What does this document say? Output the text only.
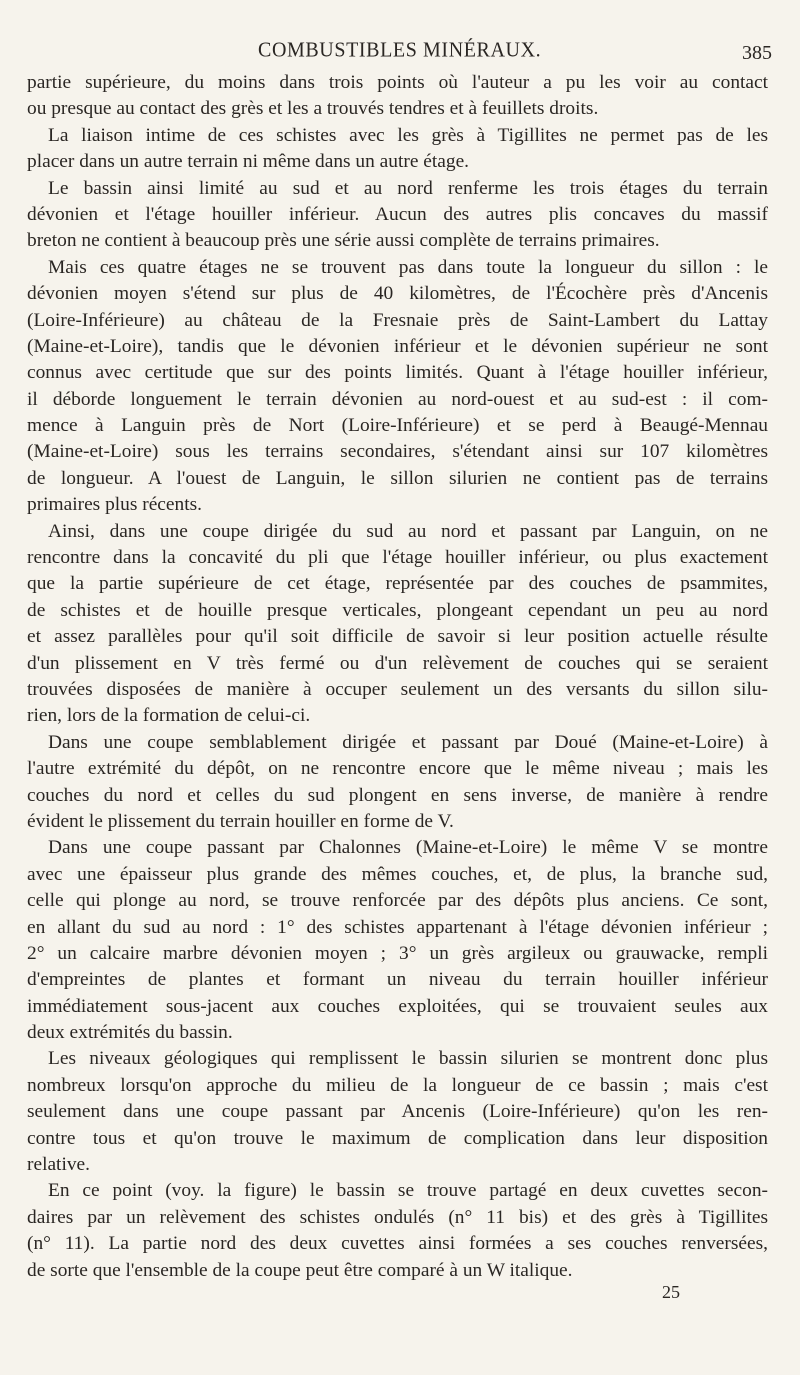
COMBUSTIBLES MINÉRAUX.	385
partie supérieure, du moins dans trois points où l'auteur a pu les voir au contact
ou presque au contact des grès et les a trouvés tendres et à feuillets droits.
La liaison intime de ces schistes avec les grès à Tigillites ne permet pas de les
placer dans un autre terrain ni même dans un autre étage.
Le bassin ainsi limité au sud et au nord renferme les trois étages du terrain
dévonien et l'étage houiller inférieur. Aucun des autres plis concaves du massif
breton ne contient à beaucoup près une série aussi complète de terrains primaires.
Mais ces quatre étages ne se trouvent pas dans toute la longueur du sillon : le
dévonien moyen s'étend sur plus de 40 kilomètres, de l'Écochère près d'Ancenis
(Loire-Inférieure) au château de la Fresnaie près de Saint-Lambert du Lattay
(Maine-et-Loire), tandis que le dévonien inférieur et le dévonien supérieur ne sont
connus avec certitude que sur des points limités. Quant à l'étage houiller inférieur,
il déborde longuement le terrain dévonien au nord-ouest et au sud-est : il com-
mence à Languin près de Nort (Loire-Inférieure) et se perd à Beaugé-Mennau
(Maine-et-Loire) sous les terrains secondaires, s'étendant ainsi sur 107 kilomètres
de longueur. A l'ouest de Languin, le sillon silurien ne contient pas de terrains
primaires plus récents.
Ainsi, dans une coupe dirigée du sud au nord et passant par Languin, on ne
rencontre dans la concavité du pli que l'étage houiller inférieur, ou plus exactement
que la partie supérieure de cet étage, représentée par des couches de psammites,
de schistes et de houille presque verticales, plongeant cependant un peu au nord
et assez parallèles pour qu'il soit difficile de savoir si leur position actuelle résulte
d'un plissement en V très fermé ou d'un relèvement de couches qui se seraient
trouvées disposées de manière à occuper seulement un des versants du sillon silu-
rien, lors de la formation de celui-ci.
Dans une coupe semblablement dirigée et passant par Doué (Maine-et-Loire) à
l'autre extrémité du dépôt, on ne rencontre encore que le même niveau ; mais les
couches du nord et celles du sud plongent en sens inverse, de manière à rendre
évident le plissement du terrain houiller en forme de V.
Dans une coupe passant par Chalonnes (Maine-et-Loire) le même V se montre
avec une épaisseur plus grande des mêmes couches, et, de plus, la branche sud,
celle qui plonge au nord, se trouve renforcée par des dépôts plus anciens. Ce sont,
en allant du sud au nord : 1° des schistes appartenant à l'étage dévonien inférieur ;
2° un calcaire marbre dévonien moyen ; 3° un grès argileux ou grauwacke, rempli
d'empreintes de plantes et formant un niveau du terrain houiller inférieur
immédiatement sous-jacent aux couches exploitées, qui se trouvaient seules aux
deux extrémités du bassin.
Les niveaux géologiques qui remplissent le bassin silurien se montrent donc plus
nombreux lorsqu'on approche du milieu de la longueur de ce bassin ; mais c'est
seulement dans une coupe passant par Ancenis (Loire-Inférieure) qu'on les ren-
contre tous et qu'on trouve le maximum de complication dans leur disposition
relative.
En ce point (voy. la figure) le bassin se trouve partagé en deux cuvettes secon-
daires par un relèvement des schistes ondulés (n° 11 bis) et des grès à Tigillites
(n° 11). La partie nord des deux cuvettes ainsi formées a ses couches renversées,
de sorte que l'ensemble de la coupe peut être comparé à un W italique.
25
